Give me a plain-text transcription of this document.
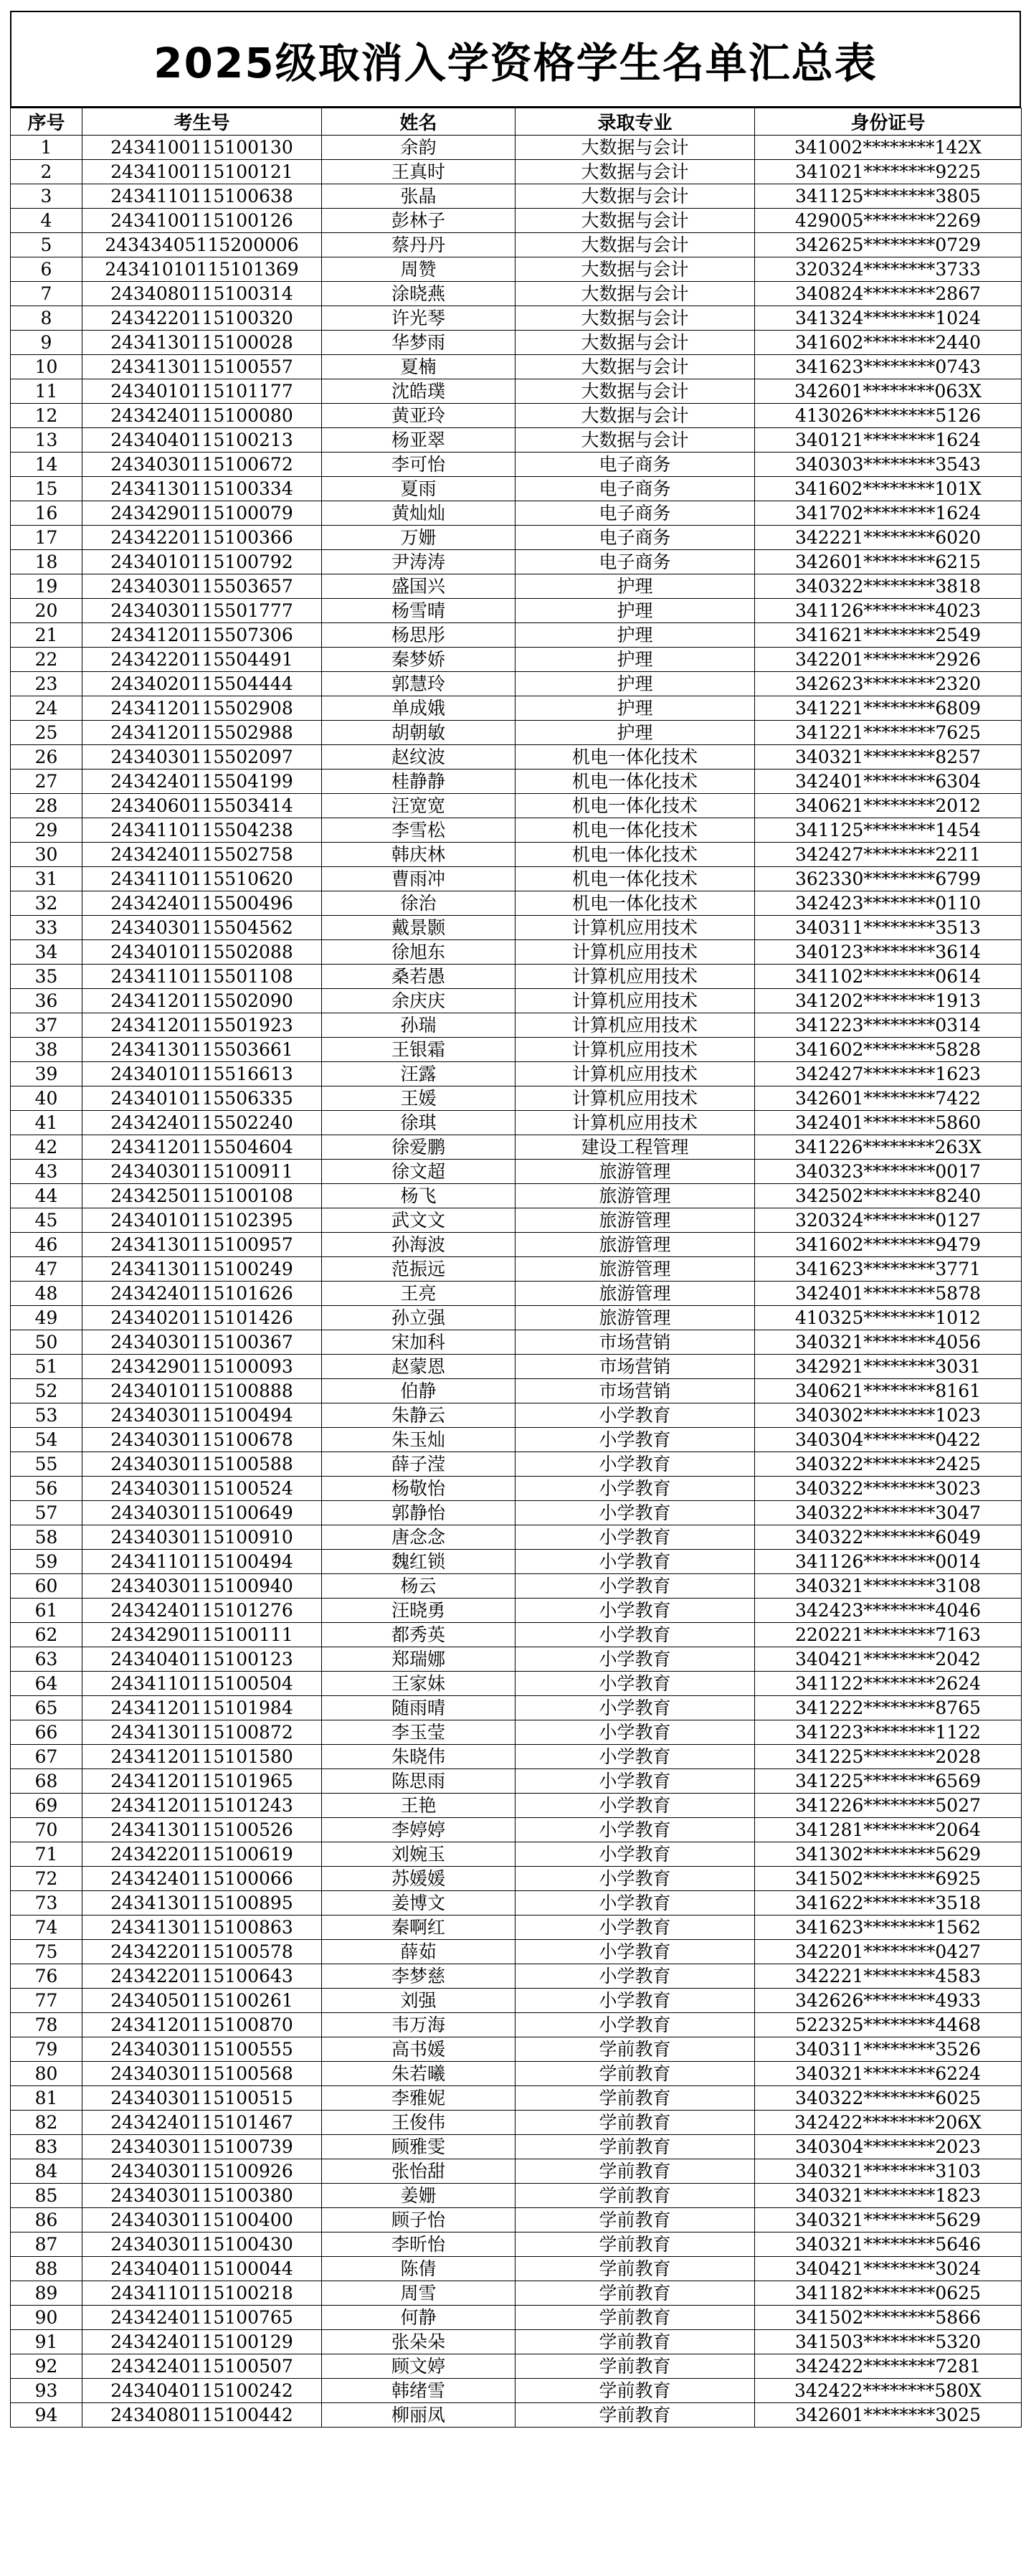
2025级取消入学资格学生名单汇总表
序号	考生号	姓名	录取专业	身份证号
1	2434100115100130	余韵	大数据与会计	341002********142X
2	2434100115100121	王真时	大数据与会计	341021********9225
3	2434110115100638	张晶	大数据与会计	341125********3805
4	2434100115100126	彭林子	大数据与会计	429005********2269
5	24343405115200006	蔡丹丹	大数据与会计	342625********0729
6	24341010115101369	周赞	大数据与会计	320324********3733
7	2434080115100314	涂晓燕	大数据与会计	340824********2867
8	2434220115100320	许光琴	大数据与会计	341324********1024
9	2434130115100028	华梦雨	大数据与会计	341602********2440
10	2434130115100557	夏楠	大数据与会计	341623********0743
11	2434010115101177	沈皓璞	大数据与会计	342601********063X
12	2434240115100080	黄亚玲	大数据与会计	413026********5126
13	2434040115100213	杨亚翠	大数据与会计	340121********1624
14	2434030115100672	李可怡	电子商务	340303********3543
15	2434130115100334	夏雨	电子商务	341602********101X
16	2434290115100079	黄灿灿	电子商务	341702********1624
17	2434220115100366	万姗	电子商务	342221********6020
18	2434010115100792	尹涛涛	电子商务	342601********6215
19	2434030115503657	盛国兴	护理	340322********3818
20	2434030115501777	杨雪晴	护理	341126********4023
21	2434120115507306	杨思彤	护理	341621********2549
22	2434220115504491	秦梦娇	护理	342201********2926
23	2434020115504444	郭慧玲	护理	342623********2320
24	2434120115502908	单成娥	护理	341221********6809
25	2434120115502988	胡朝敏	护理	341221********7625
26	2434030115502097	赵纹波	机电一体化技术	340321********8257
27	2434240115504199	桂静静	机电一体化技术	342401********6304
28	2434060115503414	汪宽宽	机电一体化技术	340621********2012
29	2434110115504238	李雪松	机电一体化技术	341125********1454
30	2434240115502758	韩庆林	机电一体化技术	342427********2211
31	2434110115510620	曹雨冲	机电一体化技术	362330********6799
32	2434240115500496	徐治	机电一体化技术	342423********0110
33	2434030115504562	戴景颢	计算机应用技术	340311********3513
34	2434010115502088	徐旭东	计算机应用技术	340123********3614
35	2434110115501108	桑若愚	计算机应用技术	341102********0614
36	2434120115502090	余庆庆	计算机应用技术	341202********1913
37	2434120115501923	孙瑞	计算机应用技术	341223********0314
38	2434130115503661	王银霜	计算机应用技术	341602********5828
39	2434010115516613	汪露	计算机应用技术	342427********1623
40	2434010115506335	王媛	计算机应用技术	342601********7422
41	2434240115502240	徐琪	计算机应用技术	342401********5860
42	2434120115504604	徐爱鹏	建设工程管理	341226********263X
43	2434030115100911	徐文超	旅游管理	340323********0017
44	2434250115100108	杨飞	旅游管理	342502********8240
45	2434010115102395	武文文	旅游管理	320324********0127
46	2434130115100957	孙海波	旅游管理	341602********9479
47	2434130115100249	范振远	旅游管理	341623********3771
48	2434240115101626	王亮	旅游管理	342401********5878
49	2434020115101426	孙立强	旅游管理	410325********1012
50	2434030115100367	宋加科	市场营销	340321********4056
51	2434290115100093	赵蒙恩	市场营销	342921********3031
52	2434010115100888	伯静	市场营销	340621********8161
53	2434030115100494	朱静云	小学教育	340302********1023
54	2434030115100678	朱玉灿	小学教育	340304********0422
55	2434030115100588	薛子滢	小学教育	340322********2425
56	2434030115100524	杨敬怡	小学教育	340322********3023
57	2434030115100649	郭静怡	小学教育	340322********3047
58	2434030115100910	唐念念	小学教育	340322********6049
59	2434110115100494	魏红锁	小学教育	341126********0014
60	2434030115100940	杨云	小学教育	340321********3108
61	2434240115101276	汪晓勇	小学教育	342423********4046
62	2434290115100111	都秀英	小学教育	220221********7163
63	2434040115100123	郑瑞娜	小学教育	340421********2042
64	2434110115100504	王家妹	小学教育	341122********2624
65	2434120115101984	随雨晴	小学教育	341222********8765
66	2434130115100872	李玉莹	小学教育	341223********1122
67	2434120115101580	朱晓伟	小学教育	341225********2028
68	2434120115101965	陈思雨	小学教育	341225********6569
69	2434120115101243	王艳	小学教育	341226********5027
70	2434130115100526	李婷婷	小学教育	341281********2064
71	2434220115100619	刘婉玉	小学教育	341302********5629
72	2434240115100066	苏媛媛	小学教育	341502********6925
73	2434130115100895	姜博文	小学教育	341622********3518
74	2434130115100863	秦啊红	小学教育	341623********1562
75	2434220115100578	薛茹	小学教育	342201********0427
76	2434220115100643	李梦慈	小学教育	342221********4583
77	2434050115100261	刘强	小学教育	342626********4933
78	2434120115100870	韦万海	小学教育	522325********4468
79	2434030115100555	高书媛	学前教育	340311********3526
80	2434030115100568	朱若曦	学前教育	340321********6224
81	2434030115100515	李雅妮	学前教育	340322********6025
82	2434240115101467	王俊伟	学前教育	342422********206X
83	2434030115100739	顾雅雯	学前教育	340304********2023
84	2434030115100926	张怡甜	学前教育	340321********3103
85	2434030115100380	姜姗	学前教育	340321********1823
86	2434030115100400	顾子怡	学前教育	340321********5629
87	2434030115100430	李昕怡	学前教育	340321********5646
88	2434040115100044	陈倩	学前教育	340421********3024
89	2434110115100218	周雪	学前教育	341182********0625
90	2434240115100765	何静	学前教育	341502********5866
91	2434240115100129	张朵朵	学前教育	341503********5320
92	2434240115100507	顾文婷	学前教育	342422********7281
93	2434040115100242	韩绪雪	学前教育	342422********580X
94	2434080115100442	柳丽凤	学前教育	342601********3025
